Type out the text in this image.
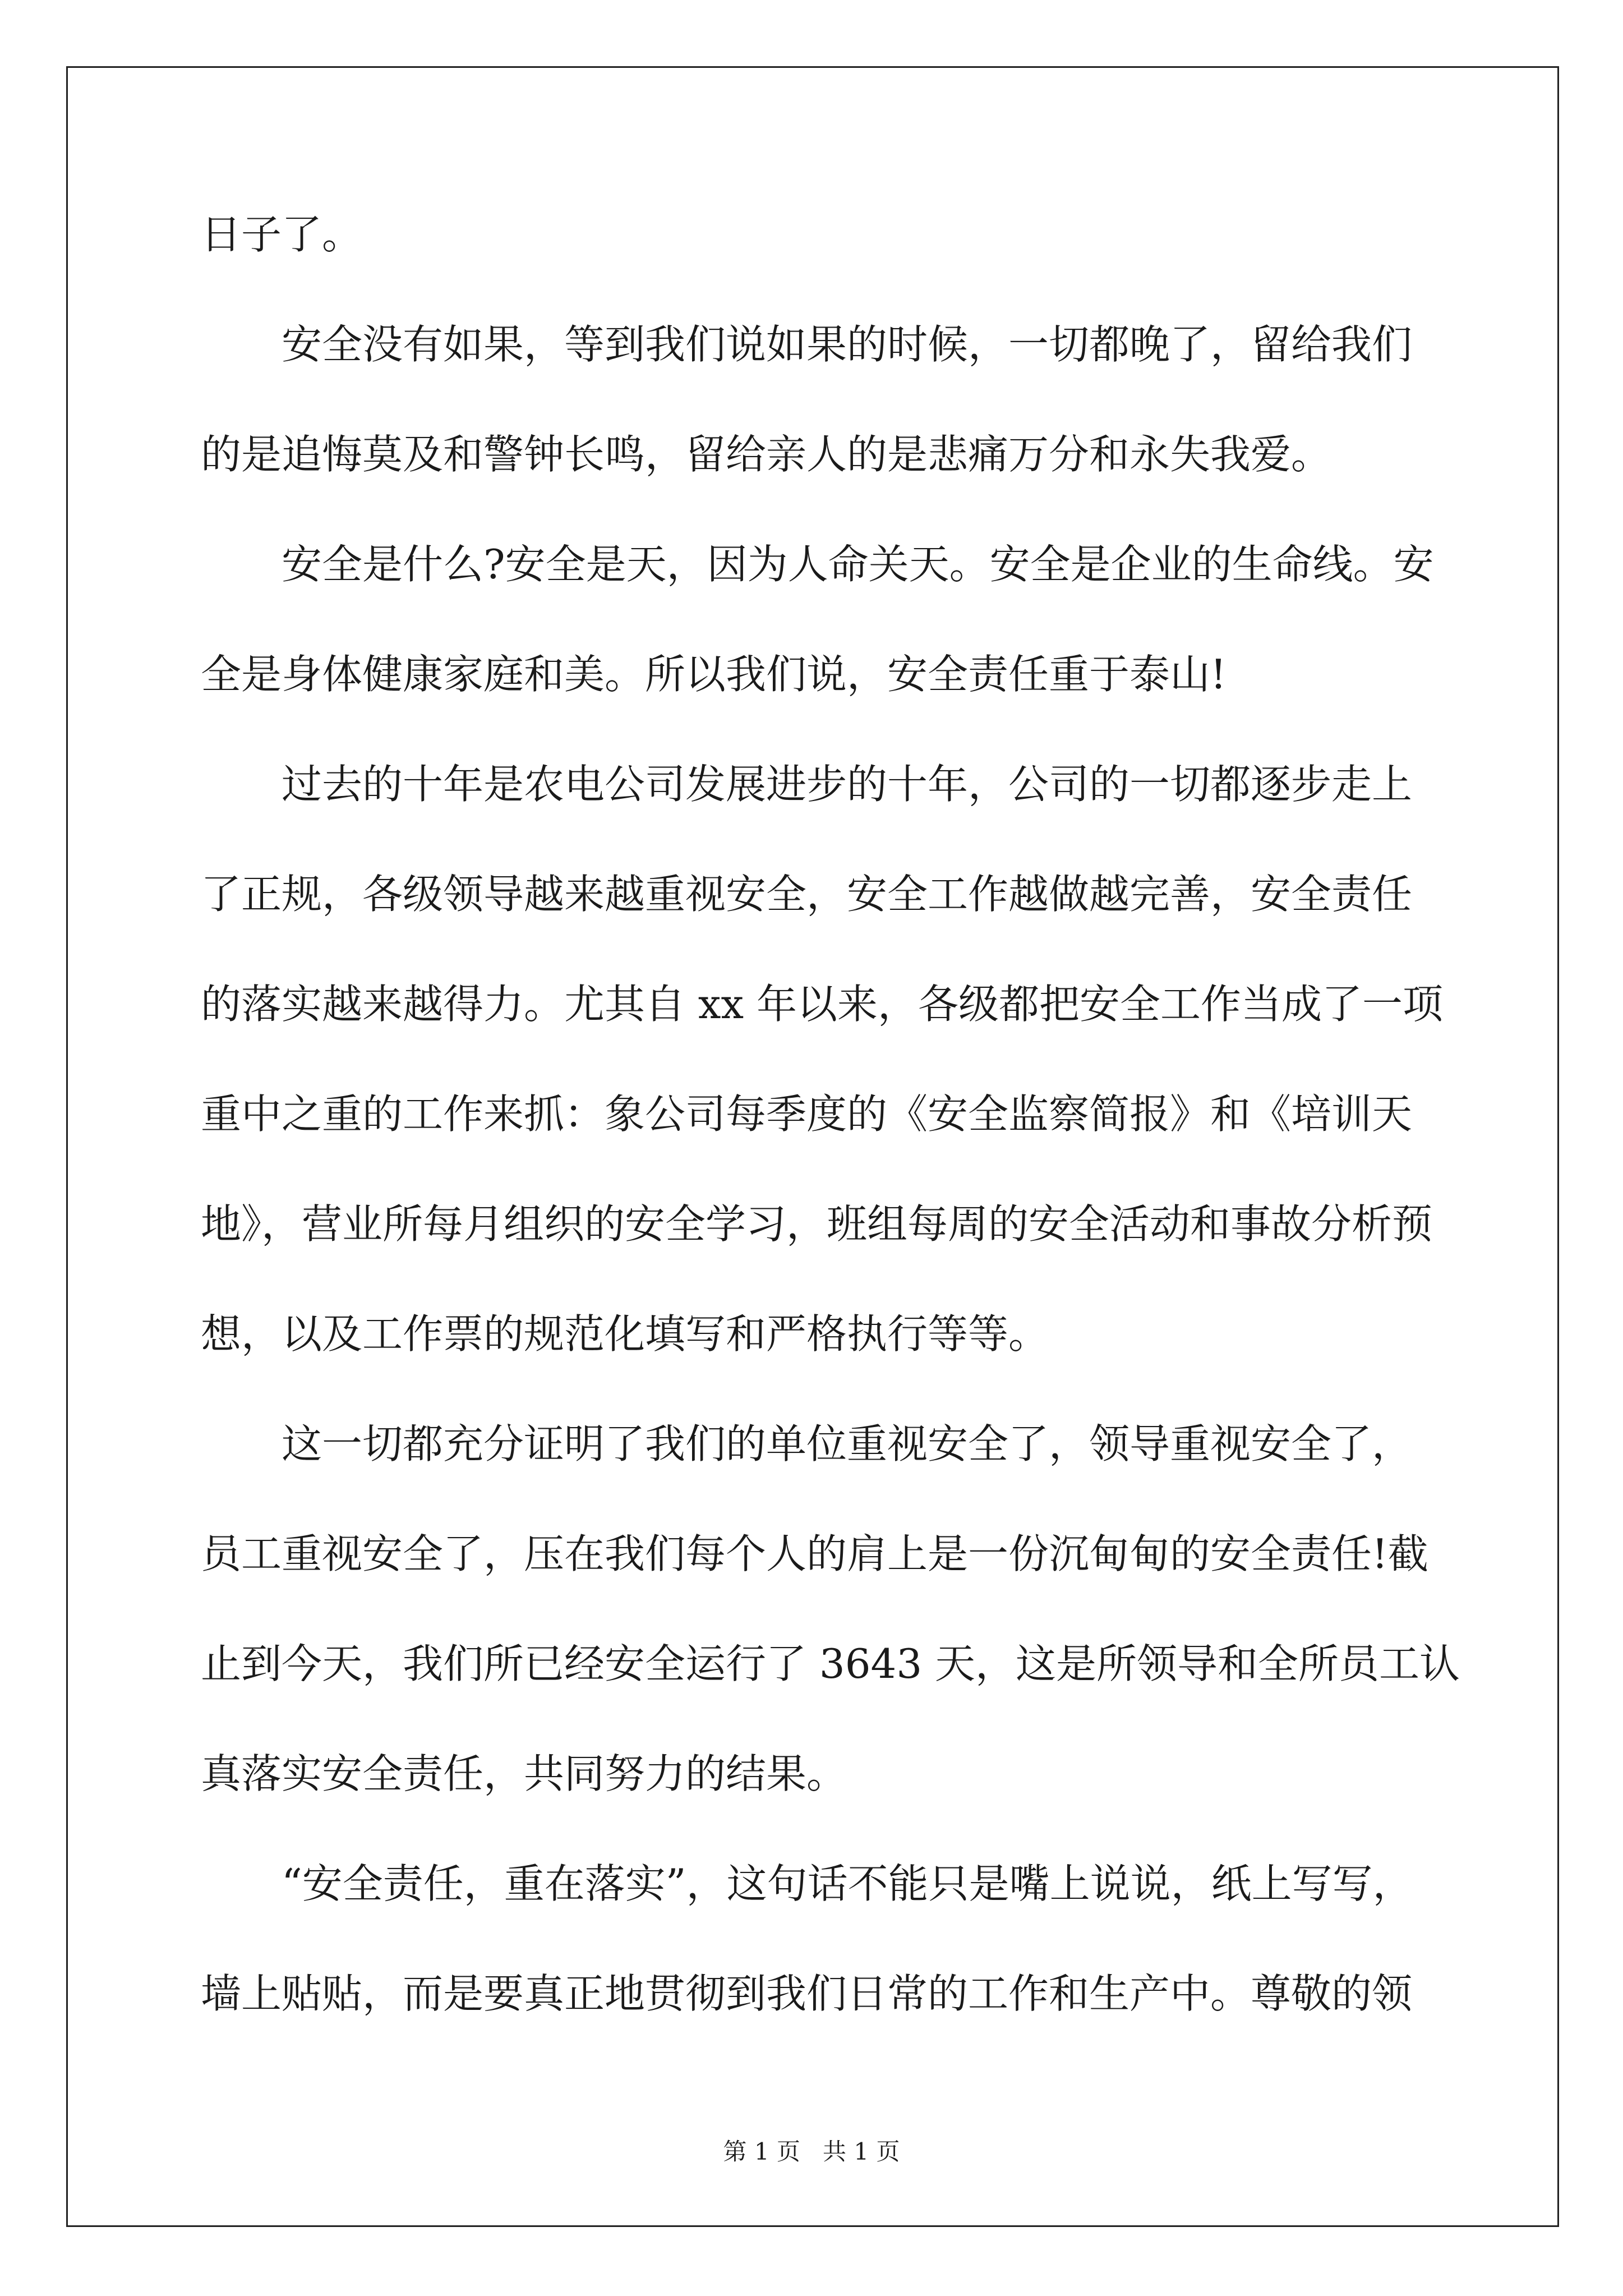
日子了。
安全没有如果，等到我们说如果的时候，一切都晚了，留给我们
的是追悔莫及和警钟长鸣，留给亲人的是悲痛万分和永失我爱。
安全是什么?安全是天，因为人命关天。安全是企业的生命线。安
全是身体健康家庭和美。所以我们说，安全责任重于泰山!
过去的十年是农电公司发展进步的十年，公司的一切都逐步走上
了正规，各级领导越来越重视安全，安全工作越做越完善，安全责任
的落实越来越得力。尤其自 xx 年以来，各级都把安全工作当成了一项
重中之重的工作来抓：象公司每季度的《安全监察简报》和《培训天
地》，营业所每月组织的安全学习，班组每周的安全活动和事故分析预
想，以及工作票的规范化填写和严格执行等等。
这一切都充分证明了我们的单位重视安全了，领导重视安全了，
员工重视安全了，压在我们每个人的肩上是一份沉甸甸的安全责任!截
止到今天，我们所已经安全运行了 3643 天，这是所领导和全所员工认
真落实安全责任，共同努力的结果。
“安全责任，重在落实”，这句话不能只是嘴上说说，纸上写写，
墙上贴贴，而是要真正地贯彻到我们日常的工作和生产中。尊敬的领
第 1 页 共 1 页
